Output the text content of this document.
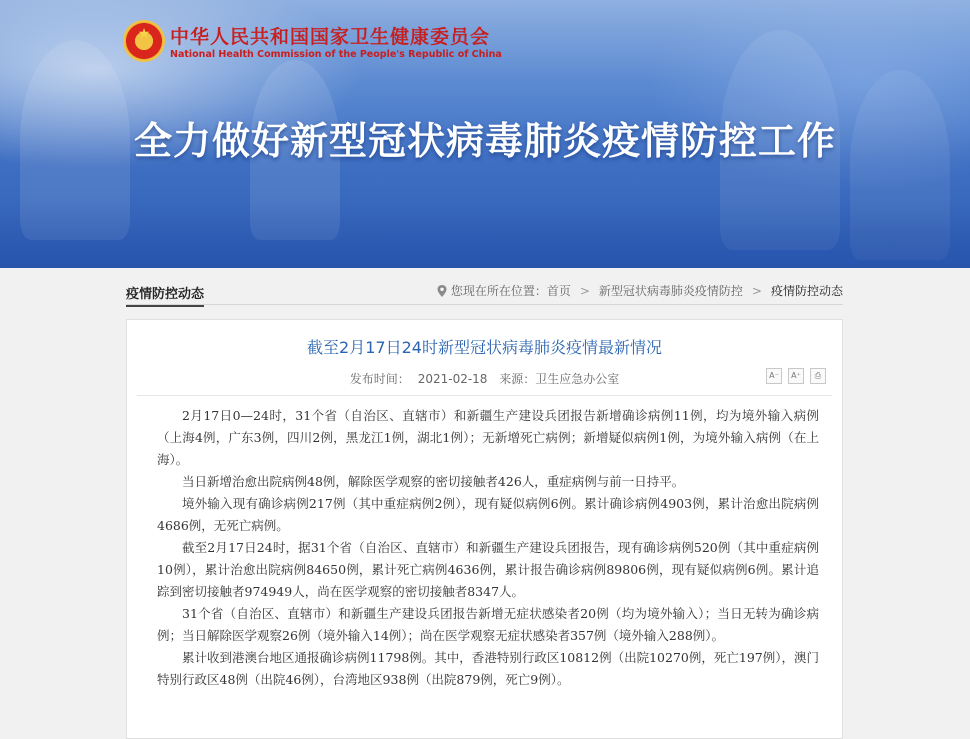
★
中华人民共和国国家卫生健康委员会
National Health Commission of the People's Republic of China
全力做好新型冠状病毒肺炎疫情防控工作
疫情防控动态	您现在所在位置： 首页 > 新型冠状病毒肺炎疫情防控 > 疫情防控动态
截至2月17日24时新型冠状病毒肺炎疫情最新情况
发布时间： 2021-02-18 来源：卫生应急办公室	A⁻	A⁺	⎙

2月17日0—24时，31个省（自治区、直辖市）和新疆生产建设兵团报告新增确诊病例11例，均为境外输入病例（上海4例，广东3例，四川2例，黑龙江1例，湖北1例）；无新增死亡病例；新增疑似病例1例，为境外输入病例（在上海）。

当日新增治愈出院病例48例，解除医学观察的密切接触者426人，重症病例与前一日持平。

境外输入现有确诊病例217例（其中重症病例2例），现有疑似病例6例。累计确诊病例4903例，累计治愈出院病例4686例，无死亡病例。

截至2月17日24时，据31个省（自治区、直辖市）和新疆生产建设兵团报告，现有确诊病例520例（其中重症病例10例），累计治愈出院病例84650例，累计死亡病例4636例，累计报告确诊病例89806例，现有疑似病例6例。累计追踪到密切接触者974949人，尚在医学观察的密切接触者8347人。

31个省（自治区、直辖市）和新疆生产建设兵团报告新增无症状感染者20例（均为境外输入）；当日无转为确诊病例；当日解除医学观察26例（境外输入14例）；尚在医学观察无症状感染者357例（境外输入288例）。

累计收到港澳台地区通报确诊病例11798例。其中，香港特别行政区10812例（出院10270例，死亡197例），澳门特别行政区48例（出院46例），台湾地区938例（出院879例，死亡9例）。
